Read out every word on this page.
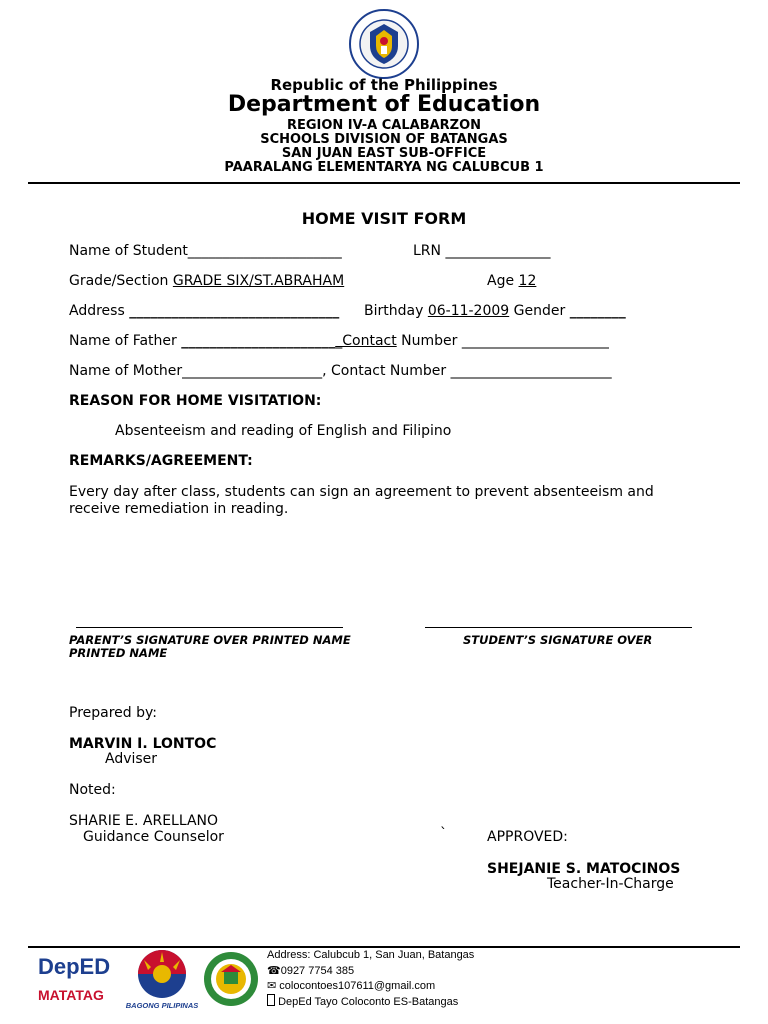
Republic of the Philippines
Department of Education
REGION IV-A CALABARZON
SCHOOLS DIVISION OF BATANGAS
SAN JUAN EAST SUB-OFFICE
PAARALANG ELEMENTARYA NG CALUBCUB 1
HOME VISIT FORM
Name of Student______________________	LRN _______________
Grade/Section GRADE SIX/ST.ABRAHAM	Age 12
Address ______________________________ Birthday 06-11-2009 Gender ________
Name of Father _______________________Contact Number _____________________
Name of Mother____________________, Contact Number _______________________
REASON FOR HOME VISITATION:
Absenteeism and reading of English and Filipino
REMARKS/AGREEMENT:
Every day after class, students can sign an agreement to prevent absenteeism and
receive remediation in reading.
PARENT’S SIGNATURE OVER PRINTED NAME
PRINTED NAME
STUDENT’S SIGNATURE OVER
Prepared by:
MARVIN I. LONTOC
Adviser
Noted:
SHARIE E. ARELLANO
Guidance Counselor	`	APPROVED:
SHEJANIE S. MATOCINOS
Teacher-In-Charge
DepED
MATATAG
BAGONG PILIPINAS
Address: Calubcub 1, San Juan, Batangas
☎0927 7754 385
✉ colocontoes107611@gmail.com
DepEd Tayo Coloconto ES-Batangas
